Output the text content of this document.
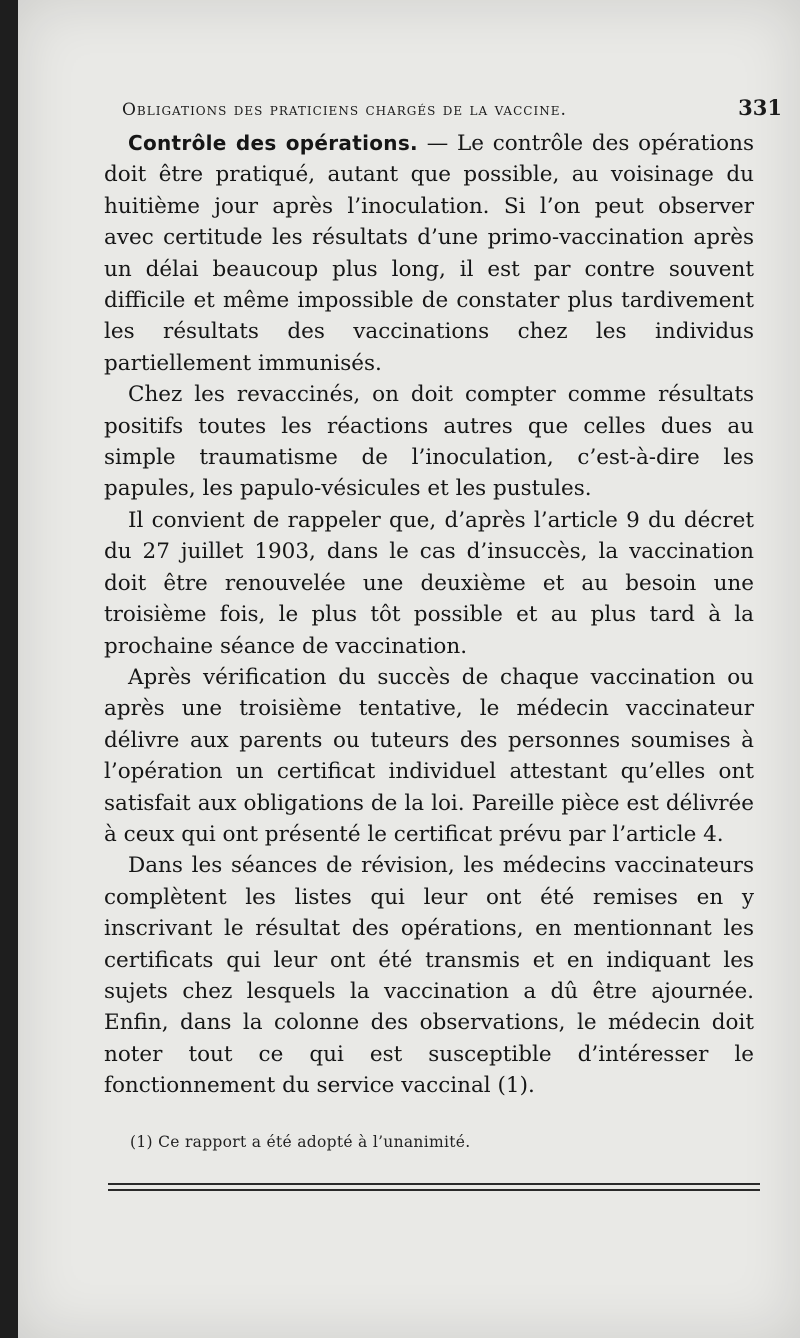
Obligations des praticiens chargés de la vaccine.	331

Contrôle des opérations. — Le contrôle des opérations doit être pratiqué, autant que possible, au voisinage du huitième jour après l’inoculation. Si l’on peut observer avec certitude les résultats d’une primo-vaccination après un délai beaucoup plus long, il est par contre souvent difficile et même impossible de constater plus tardivement les résultats des vaccinations chez les individus partiellement immunisés.

Chez les revaccinés, on doit compter comme résultats positifs toutes les réactions autres que celles dues au simple traumatisme de l’inoculation, c’est-à-dire les papules, les papulo-vésicules et les pustules.

Il convient de rappeler que, d’après l’article 9 du décret du 27 juillet 1903, dans le cas d’insuccès, la vaccination doit être renouvelée une deuxième et au besoin une troisième fois, le plus tôt possible et au plus tard à la prochaine séance de vaccination.

Après vérification du succès de chaque vaccination ou après une troisième tentative, le médecin vaccinateur délivre aux parents ou tuteurs des personnes soumises à l’opération un certificat individuel attestant qu’elles ont satisfait aux obligations de la loi. Pareille pièce est délivrée à ceux qui ont présenté le certificat prévu par l’article 4.

Dans les séances de révision, les médecins vaccinateurs complètent les listes qui leur ont été remises en y inscrivant le résultat des opérations, en mentionnant les certificats qui leur ont été transmis et en indiquant les sujets chez lesquels la vaccination a dû être ajournée. Enfin, dans la colonne des observations, le médecin doit noter tout ce qui est susceptible d’intéresser le fonctionnement du service vaccinal (1).

(1) Ce rapport a été adopté à l’unanimité.
